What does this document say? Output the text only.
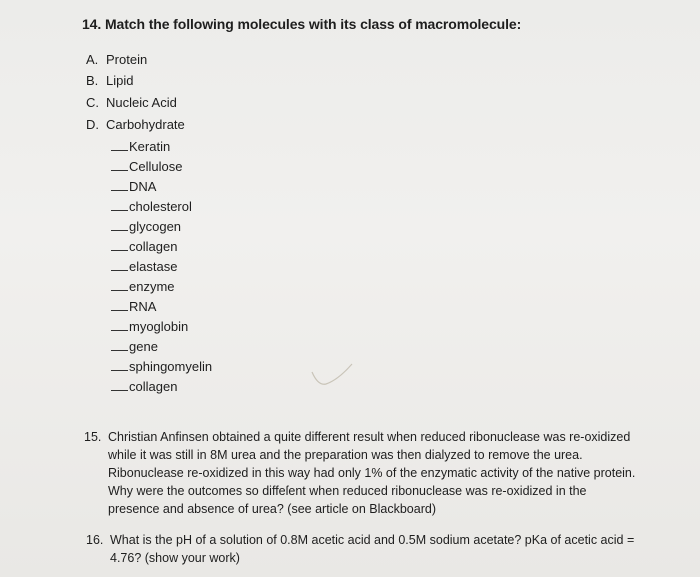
14. Match the following molecules with its class of macromolecule:
A. Protein
B. Lipid
C. Nucleic Acid
D. Carbohydrate
Keratin
Cellulose
DNA
cholesterol
glycogen
collagen
elastase
enzyme
RNA
myoglobin
gene
sphingomyelin
collagen
15. Christian Anfinsen obtained a quite different result when reduced ribonuclease was re-oxidized
while it was still in 8M urea and the preparation was then dialyzed to remove the urea.
Ribonuclease re-oxidized in this way had only 1% of the enzymatic activity of the native protein.
Why were the outcomes so diffeſent when reduced ribonuclease was re-oxidized in the
presence and absence of urea? (see article on Blackboard)
16. What is the pH of a solution of 0.8M acetic acid and 0.5M sodium acetate? pKa of acetic acid =
4.76? (show your work)
